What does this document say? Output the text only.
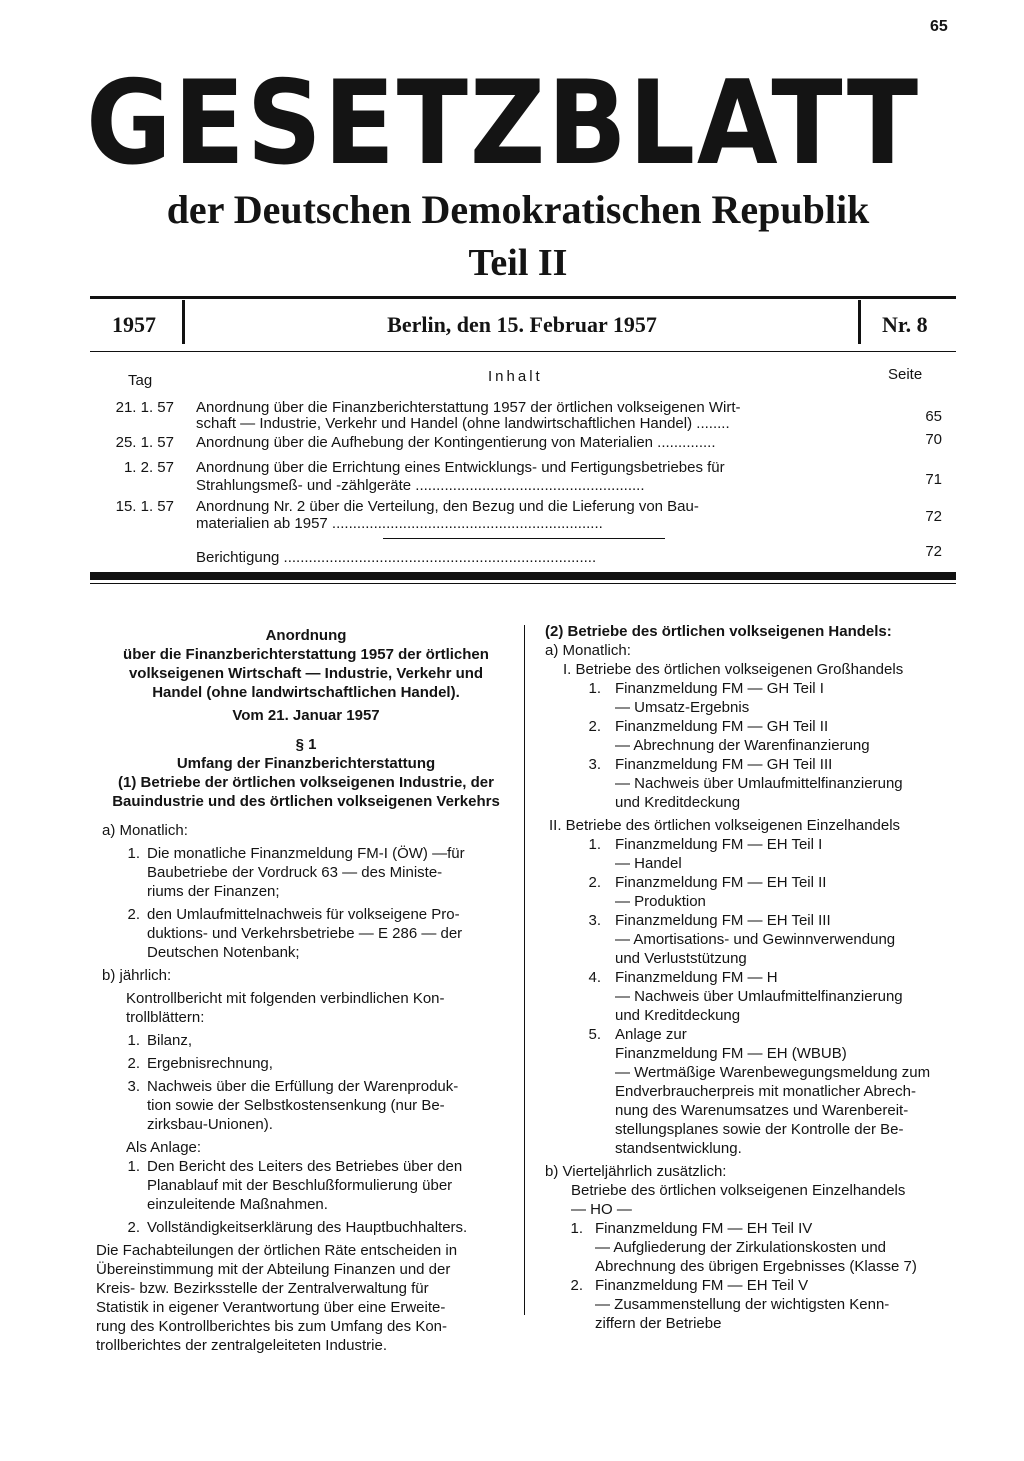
65
GESETZBLATT
der Deutschen Demokratischen Republik
Teil II
1957	Berlin, den 15. Februar 1957	Nr. 8
Tag	Inhalt	Seite
21. 1. 57 Anordnung über die Finanzberichterstattung 1957 der örtlichen volkseigenen Wirt-
schaft — Industrie, Verkehr und Handel (ohne landwirtschaftlichen Handel) ........	65
25. 1. 57 Anordnung über die Aufhebung der Kontingentierung von Materialien ..............	70
1. 2. 57 Anordnung über die Errichtung eines Entwicklungs- und Fertigungsbetriebes für
Strahlungsmeß- und -zählgeräte .......................................................	71
15. 1. 57 Anordnung Nr. 2 über die Verteilung, den Bezug und die Lieferung von Bau-
materialien ab 1957 .................................................................	72
Berichtigung ...........................................................................	72
Anordnung
über die Finanzberichterstattung 1957 der örtlichen
volkseigenen Wirtschaft — Industrie, Verkehr und
Handel (ohne landwirtschaftlichen Handel).
Vom 21. Januar 1957
§ 1
Umfang der Finanzberichterstattung
(1) Betriebe der örtlichen volkseigenen Industrie, der
Bauindustrie und des örtlichen volkseigenen Verkehrs
a) Monatlich:
1. Die monatliche Finanzmeldung FM-I (ÖW) —für
Baubetriebe der Vordruck 63 — des Ministe-
riums der Finanzen;
2. den Umlaufmittelnachweis für volkseigene Pro-
duktions- und Verkehrsbetriebe — E 286 — der
Deutschen Notenbank;
b) jährlich:
Kontrollbericht mit folgenden verbindlichen Kon-
trollblättern:
1. Bilanz,
2. Ergebnisrechnung,
3. Nachweis über die Erfüllung der Warenproduk-
tion sowie der Selbstkostensenkung (nur Be-
zirksbau-Unionen).
Als Anlage:
1. Den Bericht des Leiters des Betriebes über den
Planablauf mit der Beschlußformulierung über
einzuleitende Maßnahmen.
2. Vollständigkeitserklärung des Hauptbuchhalters.
Die Fachabteilungen der örtlichen Räte entscheiden in
Übereinstimmung mit der Abteilung Finanzen und der
Kreis- bzw. Bezirksstelle der Zentralverwaltung für
Statistik in eigener Verantwortung über eine Erweite-
rung des Kontrollberichtes bis zum Umfang des Kon-
trollberichtes der zentralgeleiteten Industrie.
(2) Betriebe des örtlichen volkseigenen Handels:
a) Monatlich:
I. Betriebe des örtlichen volkseigenen Großhandels
1. Finanzmeldung FM — GH Teil I
— Umsatz-Ergebnis
2. Finanzmeldung FM — GH Teil II
— Abrechnung der Warenfinanzierung
3. Finanzmeldung FM — GH Teil III
— Nachweis über Umlaufmittelfinanzierung
und Kreditdeckung
II. Betriebe des örtlichen volkseigenen Einzelhandels
1. Finanzmeldung FM — EH Teil I
— Handel
2. Finanzmeldung FM — EH Teil II
— Produktion
3. Finanzmeldung FM — EH Teil III
— Amortisations- und Gewinnverwendung
und Verluststützung
4. Finanzmeldung FM — H
— Nachweis über Umlaufmittelfinanzierung
und Kreditdeckung
5. Anlage zur
Finanzmeldung FM — EH (WBUB)
— Wertmäßige Warenbewegungsmeldung zum
Endverbraucherpreis mit monatlicher Abrech-
nung des Warenumsatzes und Warenbereit-
stellungsplanes sowie der Kontrolle der Be-
standsentwicklung.
b) Vierteljährlich zusätzlich:
Betriebe des örtlichen volkseigenen Einzelhandels
— HO —
1. Finanzmeldung FM — EH Teil IV
— Aufgliederung der Zirkulationskosten und
Abrechnung des übrigen Ergebnisses (Klasse 7)
2. Finanzmeldung FM — EH Teil V
— Zusammenstellung der wichtigsten Kenn-
ziffern der Betriebe
